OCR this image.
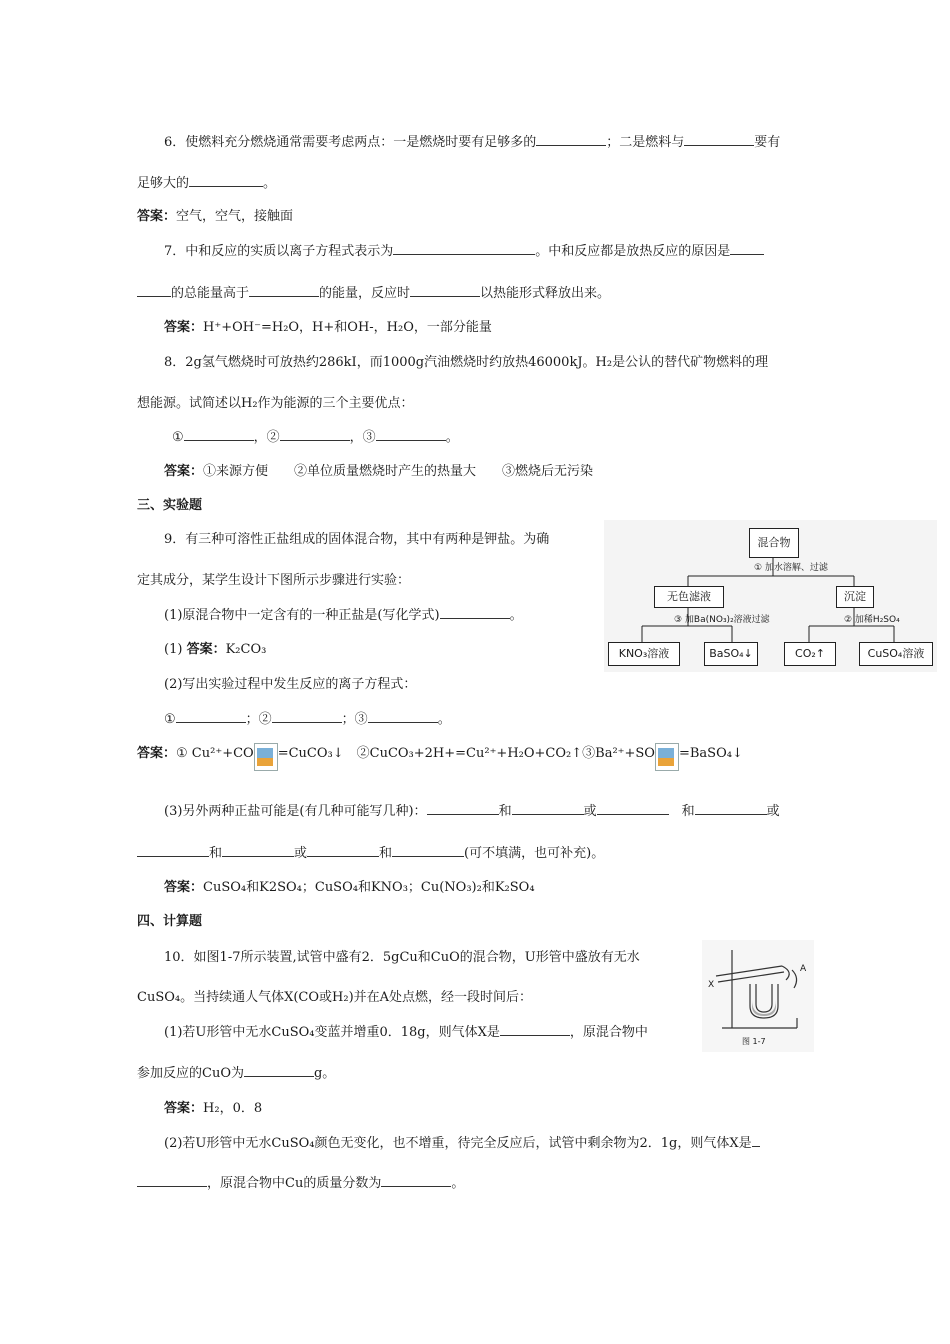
6．使燃料充分燃烧通常需要考虑两点：一是燃烧时要有足够多的	；二是燃料与	要有
足够大的	。
答案：空气，空气，接触面
7．中和反应的实质以离子方程式表示为	。中和反应都是放热反应的原因是
的总能量高于	的能量，反应时	以热能形式释放出来。
答案：H⁺+OH⁻=H₂O，H+和OH-，H₂O，一部分能量
8．2g氢气燃烧时可放热约286kI，而1000g汽油燃烧时约放热46000kJ。H₂是公认的替代矿物燃料的理
想能源。试简述以H₂作为能源的三个主要优点：
①	，②	，③	。
答案：①来源方便　　②单位质量燃烧时产生的热量大　　③燃烧后无污染
三、实验题
9．有三种可溶性正盐组成的固体混合物，其中有两种是钾盐。为确
定其成分，某学生设计下图所示步骤进行实验：
(1)原混合物中一定含有的一种正盐是(写化学式)	。
(1) 答案：K₂CO₃
(2)写出实验过程中发生反应的离子方程式：
①	；②	；③	。
答案：① Cu²⁺+CO =CuCO₃↓　②CuCO₃+2H+=Cu²⁺+H₂O+CO₂↑③Ba²⁺+SO =BaSO₄↓
(3)另外两种正盐可能是(有几种可能写几种)：	和	或　	和	或
和	或	和	(可不填满，也可补充)。
答案：CuSO₄和K2SO₄；CuSO₄和KNO₃；Cu(NO₃)₂和K₂SO₄
混合物
① 加水溶解、过滤
无色滤液	沉淀
③ 加Ba(NO₃)₂溶液过滤	② 加稀H₂SO₄
KNO₃溶液	BaSO₄↓	CO₂↑	CuSO₄溶液
四、计算题
10．如图1-7所示装置,试管中盛有2．5gCu和CuO的混合物，U形管中盛放有无水
CuSO₄。当持续通人气体X(CO或H₂)并在A处点燃，经一段时间后：
(1)若U形管中无水CuSO₄变蓝并增重0．18g，则气体X是	，原混合物中
参加反应的CuO为	g。
答案：H₂，0．8
(2)若U形管中无水CuSO₄颜色无变化，也不增重，待完全反应后，试管中剩余物为2．1g，则气体X是
，原混合物中Cu的质量分数为	。
X
A
图 1-7
